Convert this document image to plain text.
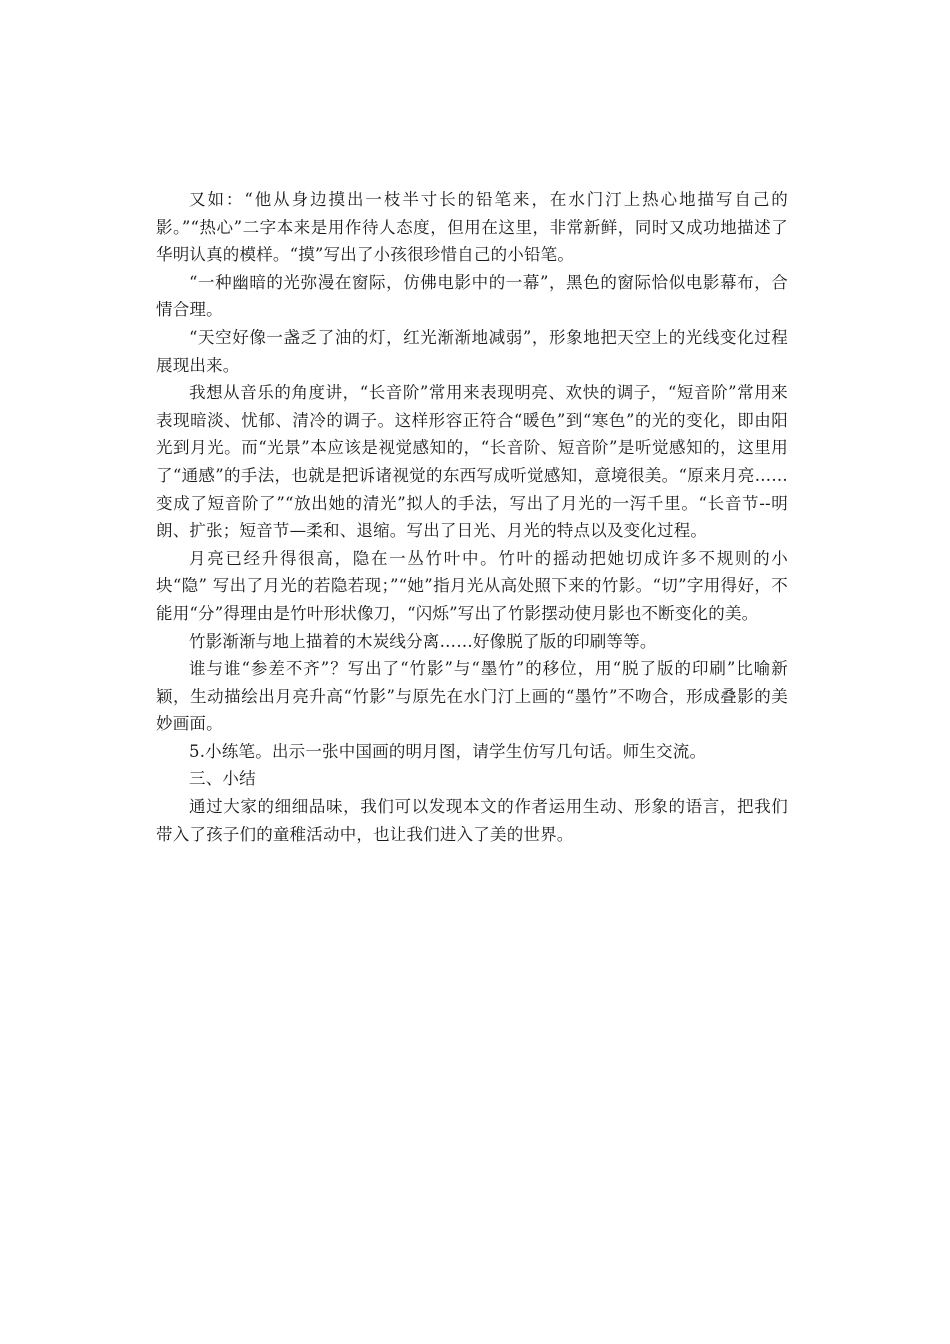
又如：“他从身边摸出一枝半寸长的铅笔来，在水门汀上热心地描写自己的影。”“热心”二字本来是用作待人态度，但用在这里，非常新鲜，同时又成功地描述了华明认真的模样。“摸”写出了小孩很珍惜自己的小铅笔。

“一种幽暗的光弥漫在窗际，仿佛电影中的一幕”，黑色的窗际恰似电影幕布，合情合理。

“天空好像一盏乏了油的灯，红光渐渐地减弱”，形象地把天空上的光线变化过程展现出来。

我想从音乐的角度讲，“长音阶”常用来表现明亮、欢快的调子，“短音阶”常用来表现暗淡、忧郁、清冷的调子。这样形容正符合“暖色”到“寒色”的光的变化，即由阳光到月光。而“光景”本应该是视觉感知的，“长音阶、短音阶”是听觉感知的，这里用了“通感”的手法，也就是把诉诸视觉的东西写成听觉感知，意境很美。“原来月亮……变成了短音阶了”“放出她的清光”拟人的手法，写出了月光的一泻千里。“长音节--明朗、扩张；短音节—柔和、退缩。写出了日光、月光的特点以及变化过程。

月亮已经升得很高，隐在一丛竹叶中。竹叶的摇动把她切成许多不规则的小块“隐” 写出了月光的若隐若现；”“她”指月光从高处照下来的竹影。“切”字用得好，不能用“分”得理由是竹叶形状像刀，“闪烁”写出了竹影摆动使月影也不断变化的美。

竹影渐渐与地上描着的木炭线分离……好像脱了版的印刷等等。

谁与谁“参差不齐”？写出了“竹影”与“墨竹”的移位，用“脱了版的印刷”比喻新颖，生动描绘出月亮升高“竹影”与原先在水门汀上画的“墨竹”不吻合，形成叠影的美妙画面。

5.小练笔。出示一张中国画的明月图，请学生仿写几句话。师生交流。

三、小结

通过大家的细细品味，我们可以发现本文的作者运用生动、形象的语言，把我们带入了孩子们的童稚活动中，也让我们进入了美的世界。
